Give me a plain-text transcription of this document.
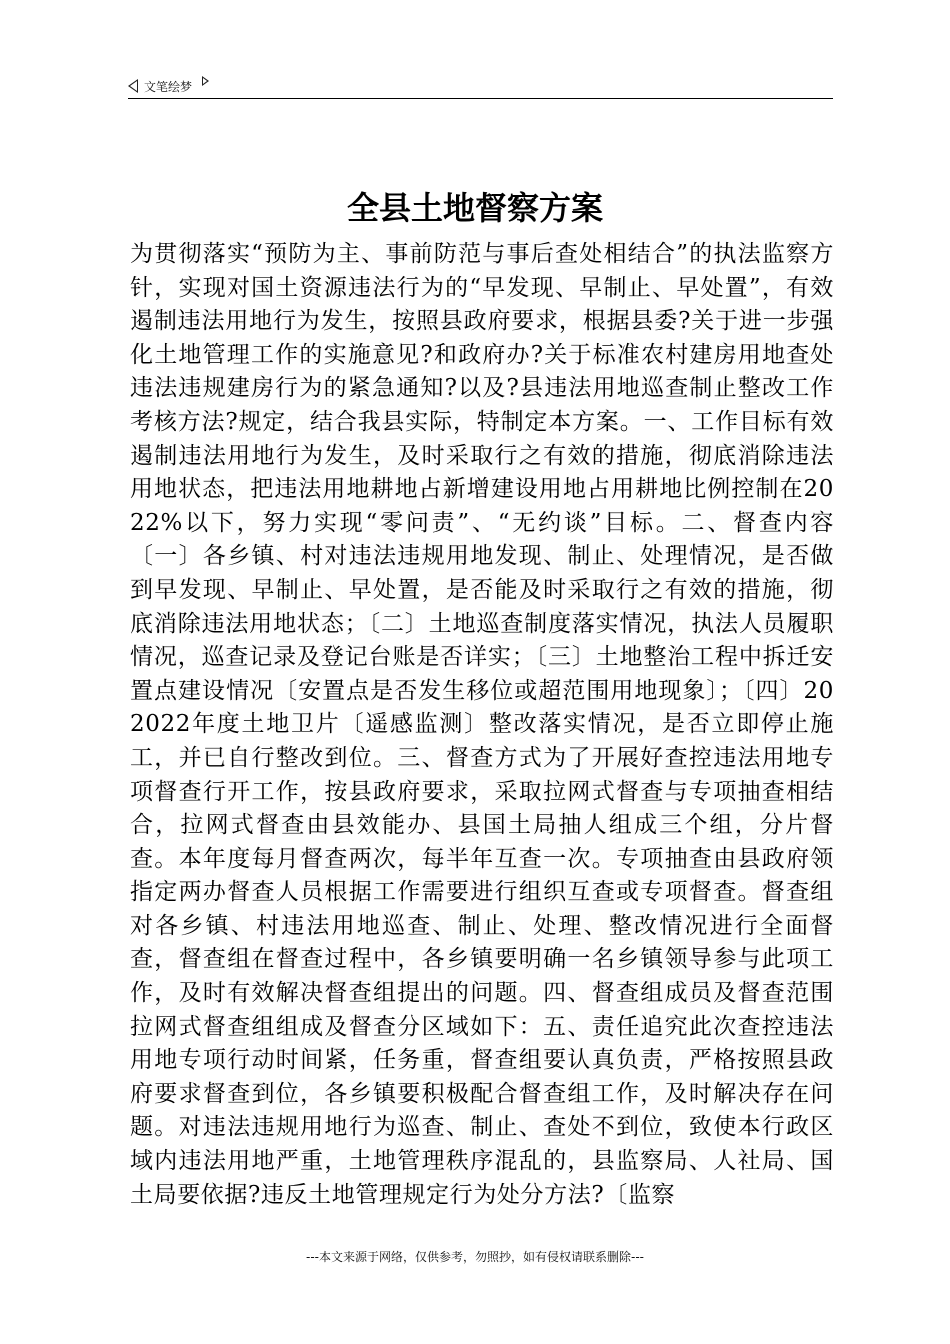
文笔绘梦
全县土地督察方案
为贯彻落实“预防为主、事前防范与事后查处相结合”的执法监察方针，实现对国土资源违法行为的“早发现、早制止、早处置”，有效遏制违法用地行为发生，按照县政府要求，根据县委?关于进一步强化土地管理工作的实施意见?和政府办?关于标准农村建房用地查处违法违规建房行为的紧急通知?以及?县违法用地巡查制止整改工作考核方法?规定，结合我县实际，特制定本方案。一、工作目标有效遏制违法用地行为发生，及时采取行之有效的措施，彻底消除违法用地状态，把违法用地耕地占新增建设用地占用耕地比例控制在2022%以下，努力实现“零问责”、“无约谈”目标。二、督查内容〔一〕各乡镇、村对违法违规用地发现、制止、处理情况，是否做到早发现、早制止、早处置，是否能及时采取行之有效的措施，彻底消除违法用地状态；〔二〕土地巡查制度落实情况，执法人员履职情况，巡查记录及登记台账是否详实；〔三〕土地整治工程中拆迁安置点建设情况〔安置点是否发生移位或超范围用地现象〕；〔四〕202022年度土地卫片〔遥感监测〕整改落实情况，是否立即停止施工，并已自行整改到位。三、督查方式为了开展好查控违法用地专项督查行开工作，按县政府要求，采取拉网式督查与专项抽查相结合，拉网式督查由县效能办、县国土局抽人组成三个组，分片督查。本年度每月督查两次，每半年互查一次。专项抽查由县政府领指定两办督查人员根据工作需要进行组织互查或专项督查。督查组对各乡镇、村违法用地巡查、制止、处理、整改情况进行全面督查，督查组在督查过程中，各乡镇要明确一名乡镇领导参与此项工作，及时有效解决督查组提出的问题。四、督查组成员及督查范围拉网式督查组组成及督查分区域如下：五、责任追究此次查控违法用地专项行动时间紧，任务重，督查组要认真负责，严格按照县政府要求督查到位，各乡镇要积极配合督查组工作，及时解决存在问题。对违法违规用地行为巡查、制止、查处不到位，致使本行政区域内违法用地严重，土地管理秩序混乱的，县监察局、人社局、国土局要依据?违反土地管理规定行为处分方法?〔监察
---本文来源于网络，仅供参考，勿照抄，如有侵权请联系删除---
